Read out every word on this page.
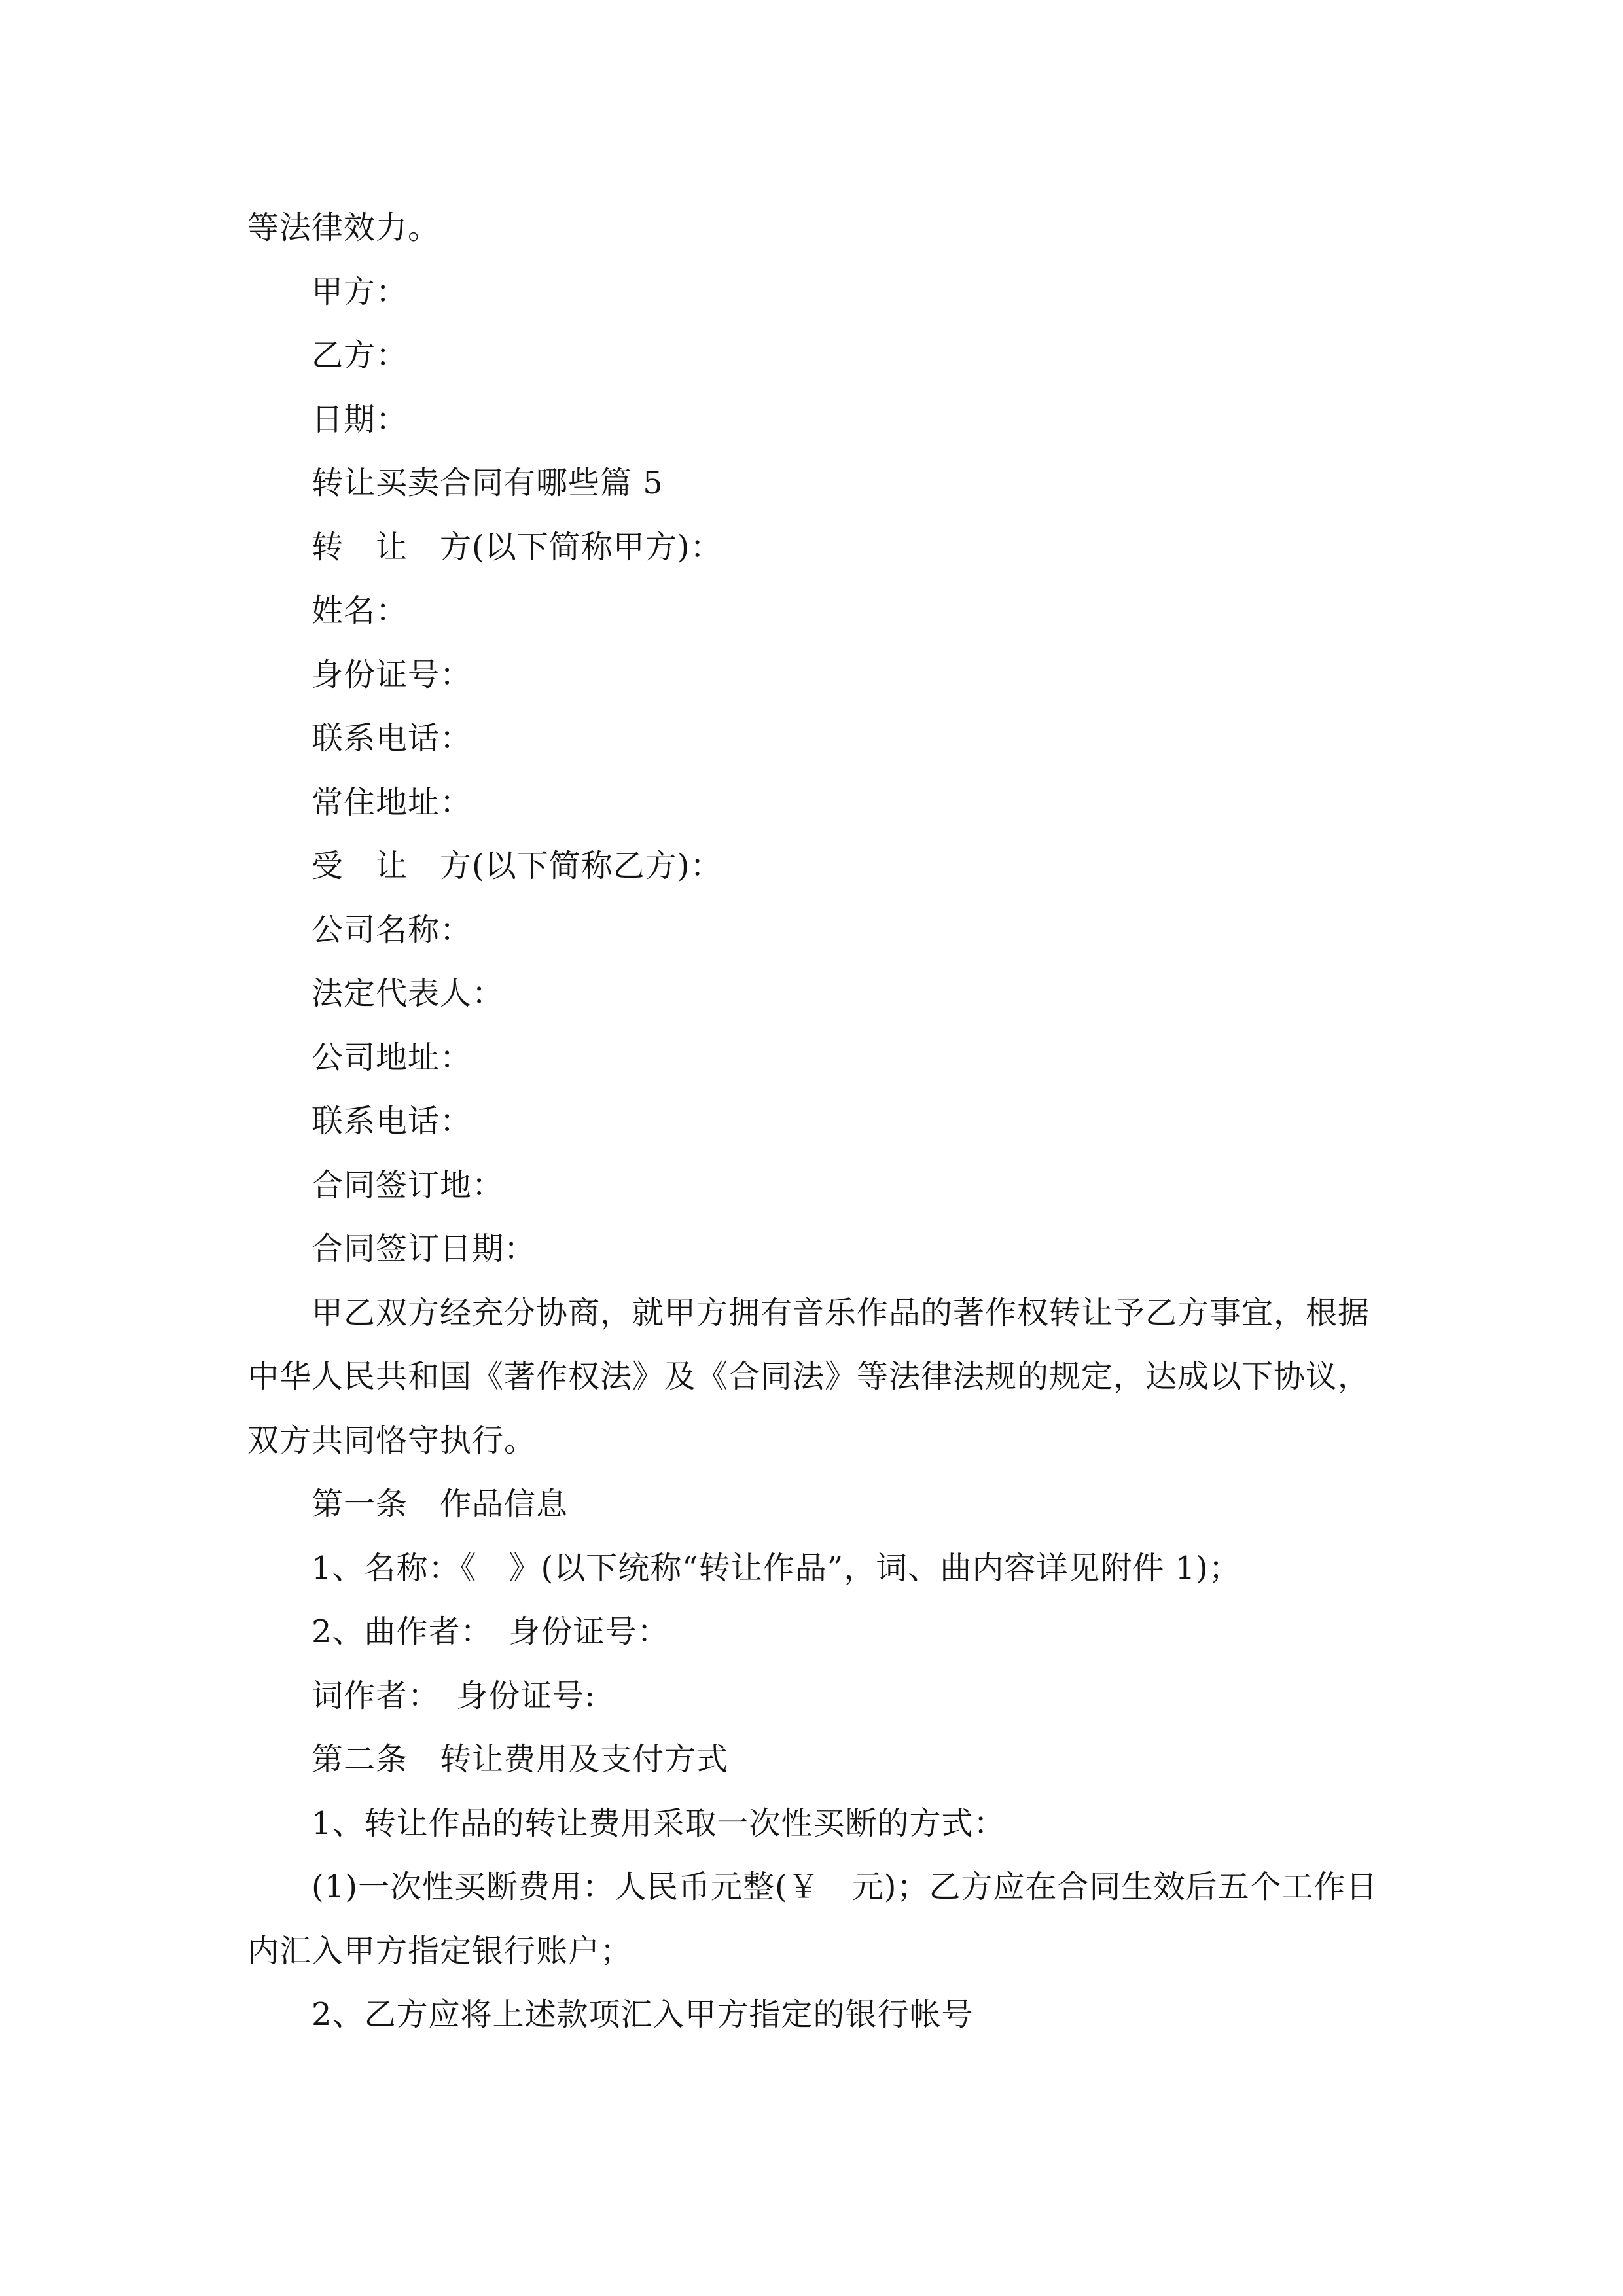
等法律效力。
甲方：
乙方：
日期：
转让买卖合同有哪些篇 5
转　让　方(以下简称甲方)：
姓名：
身份证号：
联系电话：
常住地址：
受　让　方(以下简称乙方)：
公司名称：
法定代表人：
公司地址：
联系电话：
合同签订地：
合同签订日期：
甲乙双方经充分协商，就甲方拥有音乐作品的著作权转让予乙方事宜，根据
中华人民共和国《著作权法》及《合同法》等法律法规的规定，达成以下协议，
双方共同恪守执行。
第一条　作品信息
1、名称：《　》(以下统称“转让作品”，词、曲内容详见附件 1)；
2、曲作者：　身份证号：
词作者：　身份证号:
第二条　转让费用及支付方式
1、转让作品的转让费用采取一次性买断的方式：
(1)一次性买断费用：人民币元整(￥　元)；乙方应在合同生效后五个工作日
内汇入甲方指定银行账户；
2、乙方应将上述款项汇入甲方指定的银行帐号
